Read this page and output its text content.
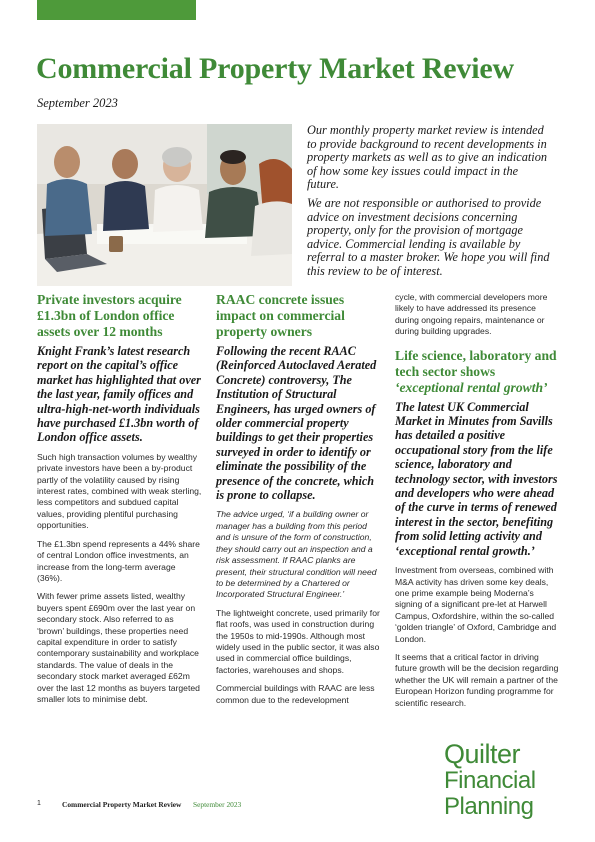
Commercial Property Market Review
September 2023

Our monthly property market review is intended to provide background to recent developments in property markets as well as to give an indication of how some key issues could impact in the future.

We are not responsible or authorised to provide advice on investment decisions concerning property, only for the provision of mortgage advice. Commercial lending is available by referral to a master broker. We hope you will find this review to be of interest.

Private investors acquire £1.3bn of London office assets over 12 months

Knight Frank’s latest research report on the capital’s office market has highlighted that over the last year, family offices and ultra-high-net-worth individuals have purchased £1.3bn worth of London office assets.

Such high transaction volumes by wealthy private investors have been a by-product partly of the volatility caused by rising interest rates, combined with weak sterling, less competitors and subdued capital values, providing plentiful purchasing opportunities.

The £1.3bn spend represents a 44% share of central London office investments, an increase from the long-term average (36%).

With fewer prime assets listed, wealthy buyers spent £690m over the last year on secondary stock. Also referred to as ‘brown’ buildings, these properties need capital expenditure in order to satisfy contemporary sustainability and workplace standards. The value of deals in the secondary stock market averaged £62m over the last 12 months as buyers targeted smaller lots to minimise debt.

RAAC concrete issues impact on commercial property owners

Following the recent RAAC (Reinforced Autoclaved Aerated Concrete) controversy, The Institution of Structural Engineers, has urged owners of older commercial property buildings to get their properties surveyed in order to identify or eliminate the possibility of the presence of the concrete, which is prone to collapse.

The advice urged, ‘if a building owner or manager has a building from this period and is unsure of the form of construction, they should carry out an inspection and a risk assessment. If RAAC planks are present, their structural condition will need to be determined by a Chartered or Incorporated Structural Engineer.’

The lightweight concrete, used primarily for flat roofs, was used in construction during the 1950s to mid-1990s. Although most widely used in the public sector, it was also used in commercial office buildings, factories, warehouses and shops.

Commercial buildings with RAAC are less common due to the redevelopment

cycle, with commercial developers more likely to have addressed its presence during ongoing repairs, maintenance or during building upgrades.

Life science, laboratory and tech sector shows
‘exceptional rental growth’

The latest UK Commercial Market in Minutes from Savills has detailed a positive occupational story from the life science, laboratory and technology sector, with investors and developers who were ahead of the curve in terms of renewed interest in the sector, benefiting from solid letting activity and ‘exceptional rental growth.’

Investment from overseas, combined with M&A activity has driven some key deals, one prime example being Moderna’s signing of a significant pre-let at Harwell Campus, Oxfordshire, within the so-called ‘golden triangle’ of Oxford, Cambridge and London.

It seems that a critical factor in driving future growth will be the decision regarding whether the UK will remain a partner of the European Horizon funding programme for scientific research.

Quilter
Financial
Planning
1	Commercial Property Market Review September 2023
